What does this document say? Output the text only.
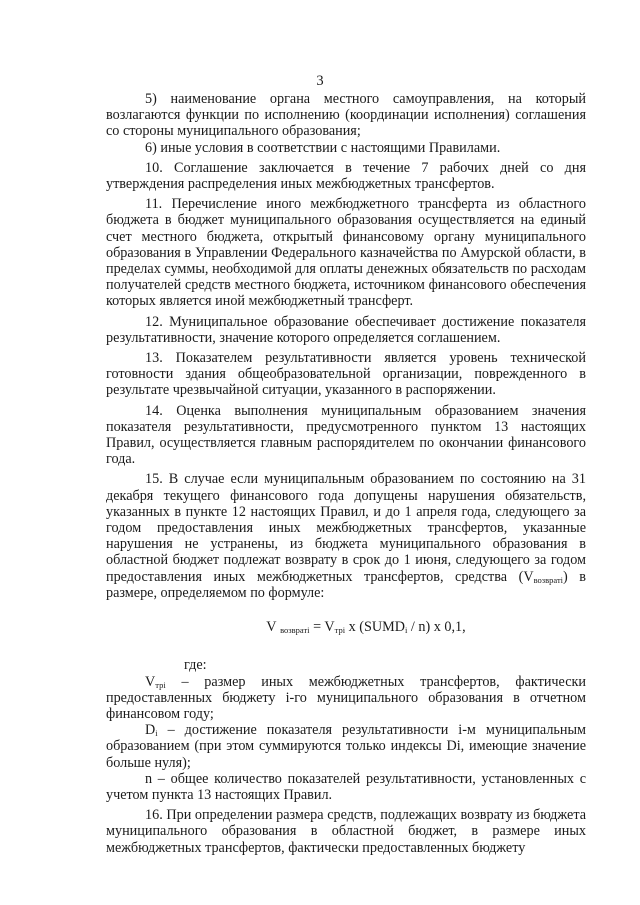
3

5) наименование органа местного самоуправления, на который возлагаются функции по исполнению (координации исполнения) соглашения со стороны муниципального образования;

6) иные условия в соответствии с настоящими Правилами.

10. Соглашение заключается в течение 7 рабочих дней со дня утверждения распределения иных межбюджетных трансфертов.

11. Перечисление иного межбюджетного трансферта из областного бюджета в бюджет муниципального образования осуществляется на единый счет местного бюджета, открытый финансовому органу муниципального образования в Управлении Федерального казначейства по Амурской области, в пределах суммы, необходимой для оплаты денежных обязательств по расходам получателей средств местного бюджета, источником финансового обеспечения которых является иной межбюджетный трансферт.

12. Муниципальное образование обеспечивает достижение показателя результативности, значение которого определяется соглашением.

13. Показателем результативности является уровень технической готовности здания общеобразовательной организации, поврежденного в результате чрезвычайной ситуации, указанного в распоряжении.

14. Оценка выполнения муниципальным образованием значения показателя результативности, предусмотренного пунктом 13 настоящих Правил, осуществляется главным распорядителем по окончании финансового года.

15. В случае если муниципальным образованием по состоянию на 31 декабря текущего финансового года допущены нарушения обязательств, указанных в пункте 12 настоящих Правил, и до 1 апреля года, следующего за годом предоставления иных межбюджетных трансфертов, указанные нарушения не устранены, из бюджета муниципального образования в областной бюджет подлежат возврату в срок до 1 июня, следующего за годом предоставления иных межбюджетных трансфертов, средства $(V_{возвратi})$ в размере, определяемом по формуле:

V $_{возвратi} = V_{трi}$ x $(SUMD_i / n)$ x 0,1,

где:

$V_{трi}$ – размер иных межбюджетных трансфертов, фактически предоставленных бюджету i-го муниципального образования в отчетном финансовом году;

$D_i$ – достижение показателя результативности i-м муниципальным образованием (при этом суммируются только индексы Di, имеющие значение больше нуля);

n – общее количество показателей результативности, установленных с учетом пункта 13 настоящих Правил.

16. При определении размера средств, подлежащих возврату из бюджета муниципального образования в областной бюджет, в размере иных межбюджетных трансфертов, фактически предоставленных бюджету
